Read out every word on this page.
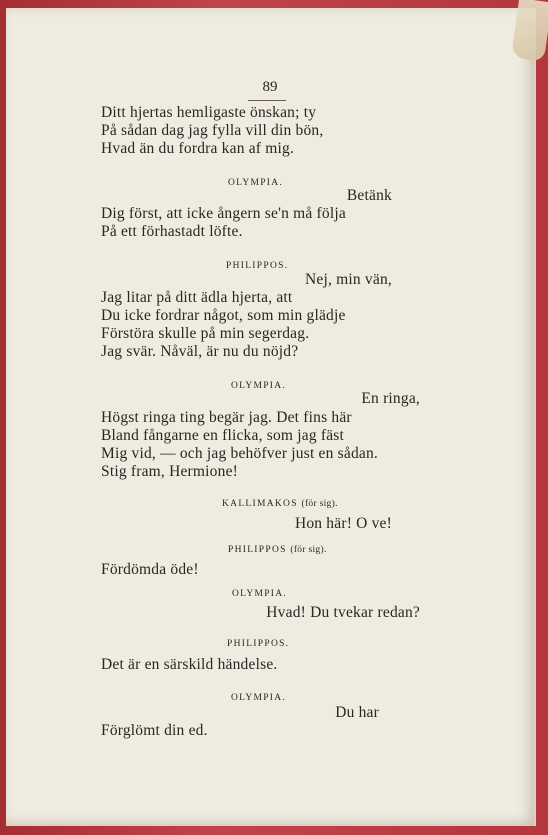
89
Ditt hjertas hemligaste önskan; ty
På sådan dag jag fylla vill din bön,
Hvad än du fordra kan af mig.
OLYMPIA.
Betänk
Dig först, att icke ångern se'n må följa
På ett förhastadt löfte.
PHILIPPOS.
Nej, min vän,
Jag litar på ditt ädla hjerta, att
Du icke fordrar något, som min glädje
Förstöra skulle på min segerdag.
Jag svär. Nåväl, är nu du nöjd?
OLYMPIA.
En ringa,
Högst ringa ting begär jag. Det fins här
Bland fångarne en flicka, som jag fäst
Mig vid, — och jag behöfver just en sådan.
Stig fram, Hermione!
KALLIMAKOS (för sig).
Hon här! O ve!
PHILIPPOS (för sig).
Fördömda öde!
OLYMPIA.
Hvad! Du tvekar redan?
PHILIPPOS.
Det är en särskild händelse.
OLYMPIA.
Du har
Förglömt din ed.
